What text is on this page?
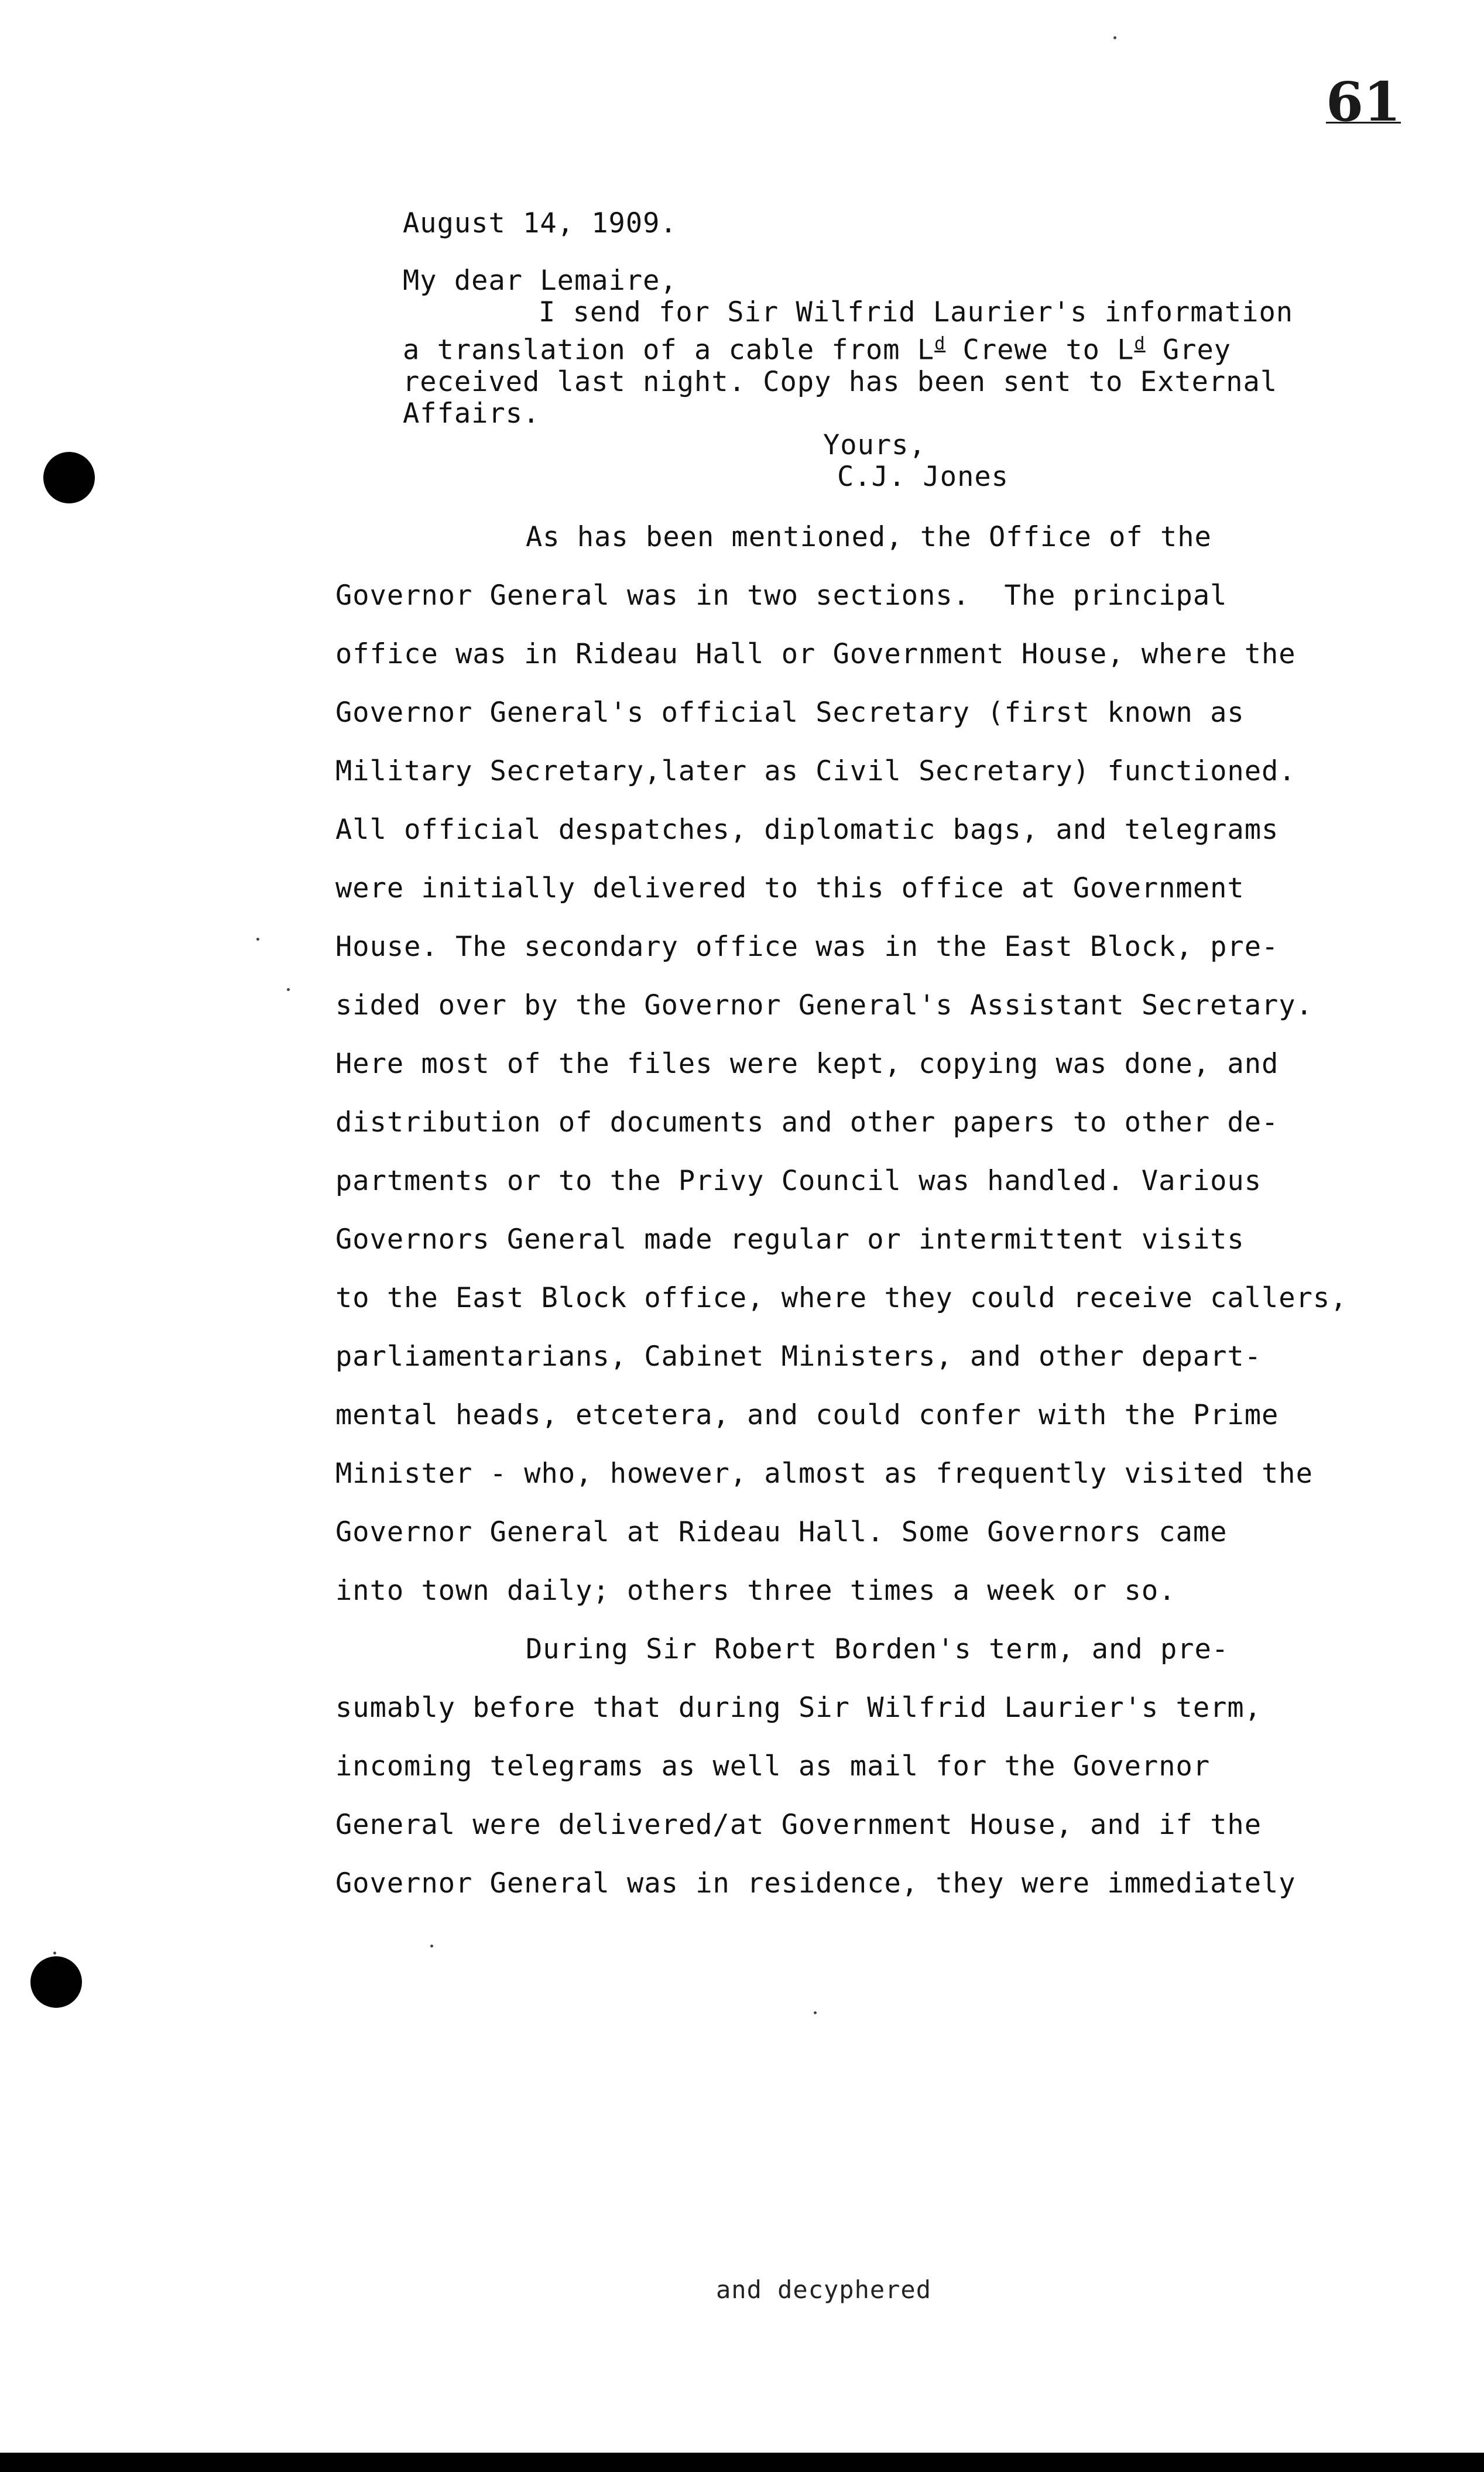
61
August 14, 1909.
My dear Lemaire,
I send for Sir Wilfrid Laurier's information
a translation of a cable from $L^d$ Crewe to $L^d$ Grey
received last night. Copy has been sent to External
Affairs.
Yours,
C.J. Jones
As has been mentioned, the Office of the
Governor General was in two sections.  The principal
office was in Rideau Hall or Government House, where the
Governor General's official Secretary (first known as
Military Secretary,later as Civil Secretary) functioned.
All official despatches, diplomatic bags, and telegrams
were initially delivered to this office at Government
House. The secondary office was in the East Block, pre-
sided over by the Governor General's Assistant Secretary.
Here most of the files were kept, copying was done, and
distribution of documents and other papers to other de-
partments or to the Privy Council was handled. Various
Governors General made regular or intermittent visits
to the East Block office, where they could receive callers,
parliamentarians, Cabinet Ministers, and other depart-
mental heads, etcetera, and could confer with the Prime
Minister - who, however, almost as frequently visited the
Governor General at Rideau Hall. Some Governors came
into town daily; others three times a week or so.
During Sir Robert Borden's term, and pre-
sumably before that during Sir Wilfrid Laurier's term,
incoming telegrams as well as mail for the Governor
General were delivered/at Government House, and if the
Governor General was in residence, they were immediately
and decyphered
